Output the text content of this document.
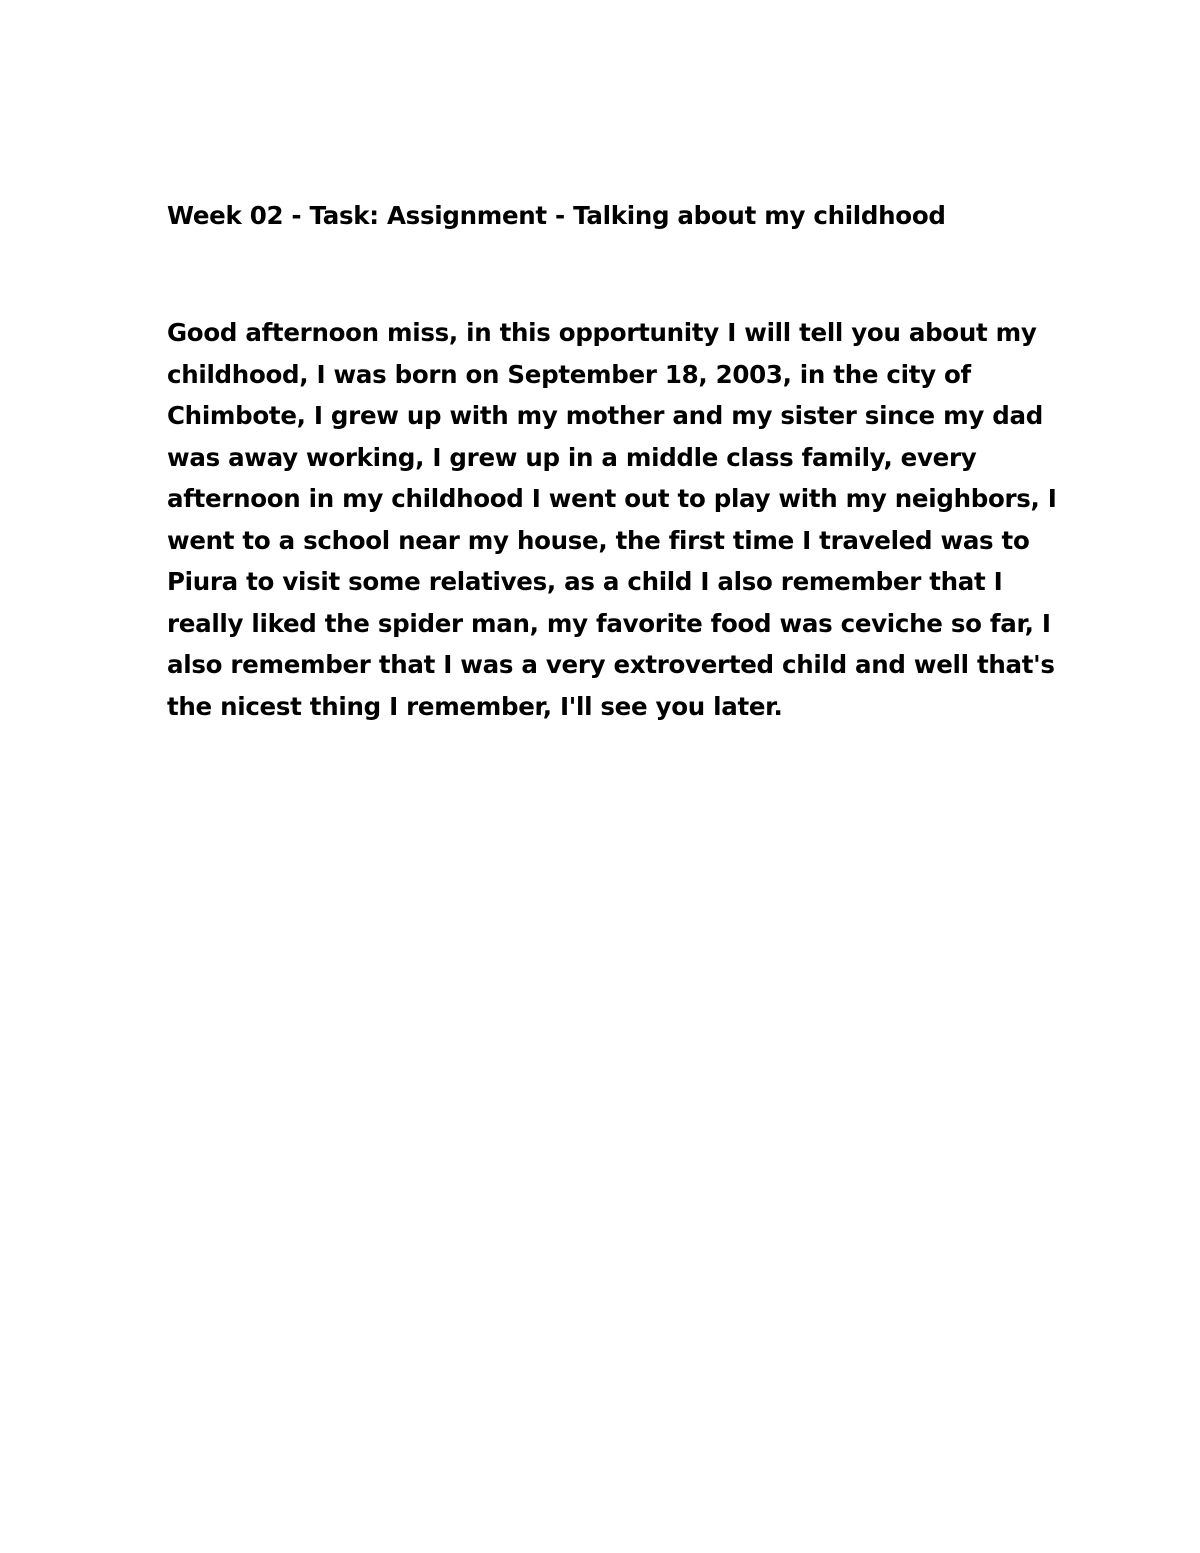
Week 02 - Task: Assignment - Talking about my childhood
Good afternoon miss, in this opportunity I will tell you about my
childhood, I was born on September 18, 2003, in the city of
Chimbote, I grew up with my mother and my sister since my dad
was away working, I grew up in a middle class family, every
afternoon in my childhood I went out to play with my neighbors, I
went to a school near my house, the first time I traveled was to
Piura to visit some relatives, as a child I also remember that I
really liked the spider man, my favorite food was ceviche so far, I
also remember that I was a very extroverted child and well that's
the nicest thing I remember, I'll see you later.
